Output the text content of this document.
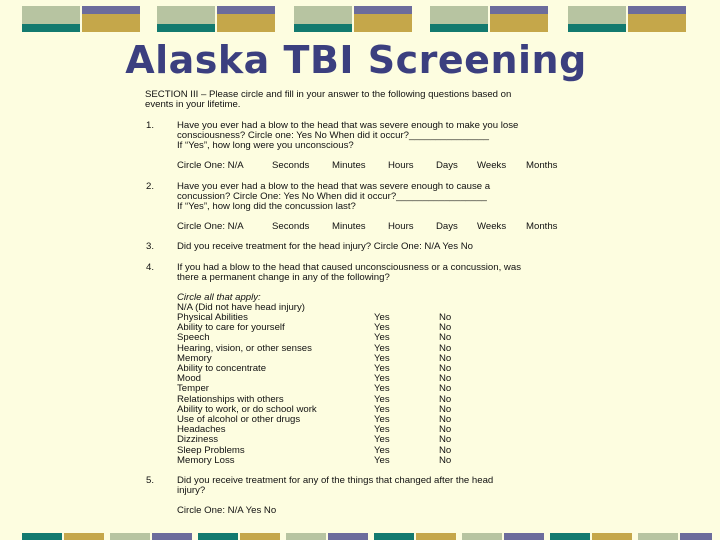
Alaska TBI Screening
SECTION III – Please circle and fill in your answer to the following questions based on
events in your lifetime.
1. Have you ever had a blow to the head that was severe enough to make you lose
consciousness? Circle one: Yes No When did it occur?_______________
If “Yes”, how long were you unconscious?
Circle One: N/A	Seconds Minutes Hours Days Weeks Months
2. Have you ever had a blow to the head that was severe enough to cause a
concussion? Circle One: Yes No When did it occur?_________________
If “Yes”, how long did the concussion last?
Circle One: N/A	Seconds Minutes Hours Days Weeks Months
3. Did you receive treatment for the head injury? Circle One: N/A Yes No
4. If you had a blow to the head that caused unconsciousness or a concussion, was
there a permanent change in any of the following?
Circle all that apply:
N/A (Did not have head injury)
Physical Abilities	Yes	No
Ability to care for yourself	Yes	No
Speech	Yes	No
Hearing, vision, or other senses	Yes	No
Memory	Yes	No
Ability to concentrate	Yes	No
Mood	Yes	No
Temper	Yes	No
Relationships with others	Yes	No
Ability to work, or do school work	Yes	No
Use of alcohol or other drugs	Yes	No
Headaches	Yes	No
Dizziness	Yes	No
Sleep Problems	Yes	No
Memory Loss	Yes	No
5. Did you receive treatment for any of the things that changed after the head
injury?
Circle One: N/A Yes No
